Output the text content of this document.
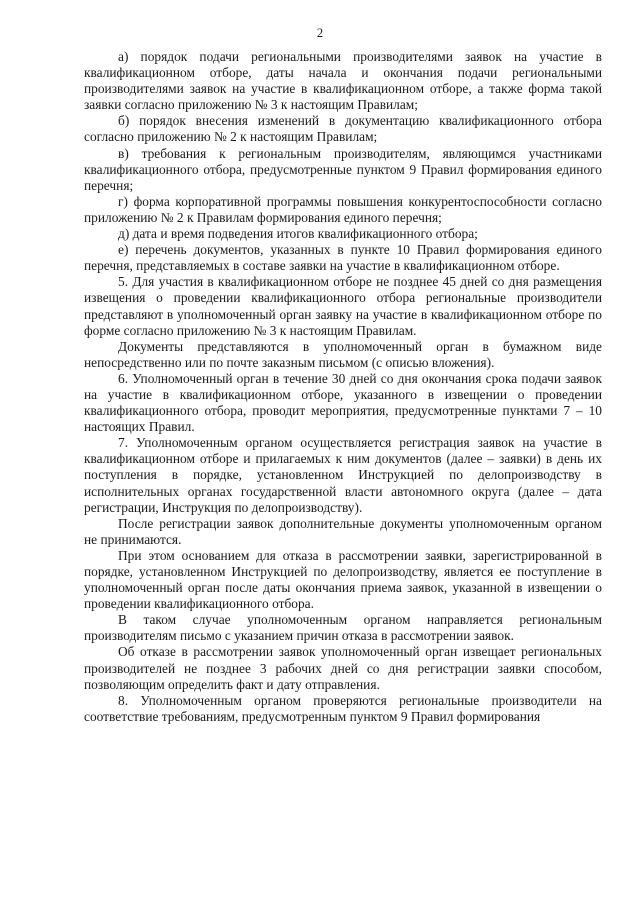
2

а) порядок подачи региональными производителями заявок на участие в квалификационном отборе, даты начала и окончания подачи региональными производителями заявок на участие в квалификационном отборе, а также форма такой заявки согласно приложению № 3 к настоящим Правилам;

б) порядок внесения изменений в документацию квалификационного отбора согласно приложению № 2 к настоящим Правилам;

в) требования к региональным производителям, являющимся участниками квалификационного отбора, предусмотренные пунктом 9 Правил формирования единого перечня;

г) форма корпоративной программы повышения конкурентоспособности согласно приложению № 2 к Правилам формирования единого перечня;

д) дата и время подведения итогов квалификационного отбора;

е) перечень документов, указанных в пункте 10 Правил формирования единого перечня, представляемых в составе заявки на участие в квалификационном отборе.

5. Для участия в квалификационном отборе не позднее 45 дней со дня размещения извещения о проведении квалификационного отбора региональные производители представляют в уполномоченный орган заявку на участие в квалификационном отборе по форме согласно приложению № 3 к настоящим Правилам.

Документы представляются в уполномоченный орган в бумажном виде непосредственно или по почте заказным письмом (с описью вложения).

6. Уполномоченный орган в течение 30 дней со дня окончания срока подачи заявок на участие в квалификационном отборе, указанного в извещении о проведении квалификационного отбора, проводит мероприятия, предусмотренные пунктами 7 – 10 настоящих Правил.

7. Уполномоченным органом осуществляется регистрация заявок на участие в квалификационном отборе и прилагаемых к ним документов (далее – заявки) в день их поступления в порядке, установленном Инструкцией по делопроизводству в исполнительных органах государственной власти автономного округа (далее – дата регистрации, Инструкция по делопроизводству).

После регистрации заявок дополнительные документы уполномоченным органом не принимаются.

При этом основанием для отказа в рассмотрении заявки, зарегистрированной в порядке, установленном Инструкцией по делопроизводству, является ее поступление в уполномоченный орган после даты окончания приема заявок, указанной в извещении о проведении квалификационного отбора.

В таком случае уполномоченным органом направляется региональным производителям письмо с указанием причин отказа в рассмотрении заявок.

Об отказе в рассмотрении заявок уполномоченный орган извещает региональных производителей не позднее 3 рабочих дней со дня регистрации заявки способом, позволяющим определить факт и дату отправления.

8. Уполномоченным органом проверяются региональные производители на соответствие требованиям, предусмотренным пунктом 9 Правил формирования
